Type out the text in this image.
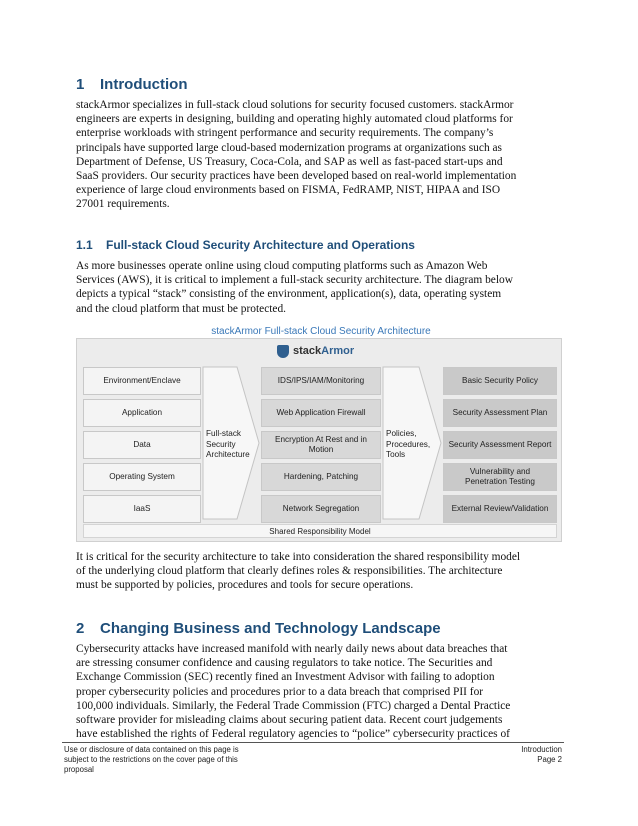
1 Introduction

stackArmor specializes in full-stack cloud solutions for security focused customers. stackArmor
engineers are experts in designing, building and operating highly automated cloud platforms for
enterprise workloads with stringent performance and security requirements. The company’s
principals have supported large cloud-based modernization programs at organizations such as
Department of Defense, US Treasury, Coca-Cola, and SAP as well as fast-paced start-ups and
SaaS providers. Our security practices have been developed based on real-world implementation
experience of large cloud environments based on FISMA, FedRAMP, NIST, HIPAA and ISO
27001 requirements.

1.1 Full-stack Cloud Security Architecture and Operations

As more businesses operate online using cloud computing platforms such as Amazon Web
Services (AWS), it is critical to implement a full-stack security architecture. The diagram below
depicts a typical “stack” consisting of the environment, application(s), data, operating system
and the cloud platform that must be protected.

stackArmor Full-stack Cloud Security Architecture
stackArmor
Environment/Enclave
Application
Data
Operating System
IaaS
Full-stack
Security
Architecture
IDS/IPS/IAM/Monitoring
Web Application Firewall
Encryption At Rest and in Motion
Hardening, Patching
Network Segregation
Policies,
Procedures,
Tools
Basic Security Policy
Security Assessment Plan
Security Assessment Report
Vulnerability and Penetration Testing
External Review/Validation
Shared Responsibility Model

It is critical for the security architecture to take into consideration the shared responsibility model
of the underlying cloud platform that clearly defines roles & responsibilities. The architecture
must be supported by policies, procedures and tools for secure operations.

2 Changing Business and Technology Landscape

Cybersecurity attacks have increased manifold with nearly daily news about data breaches that
are stressing consumer confidence and causing regulators to take notice. The Securities and
Exchange Commission (SEC) recently fined an Investment Advisor with failing to adoption
proper cybersecurity policies and procedures prior to a data breach that comprised PII for
100,000 individuals. Similarly, the Federal Trade Commission (FTC) charged a Dental Practice
software provider for misleading claims about securing patient data. Recent court judgements
have established the rights of Federal regulatory agencies to “police” cybersecurity practices of

Use or disclosure of data contained on this page is
subject to the restrictions on the cover page of this
proposal
Introduction
Page 2
